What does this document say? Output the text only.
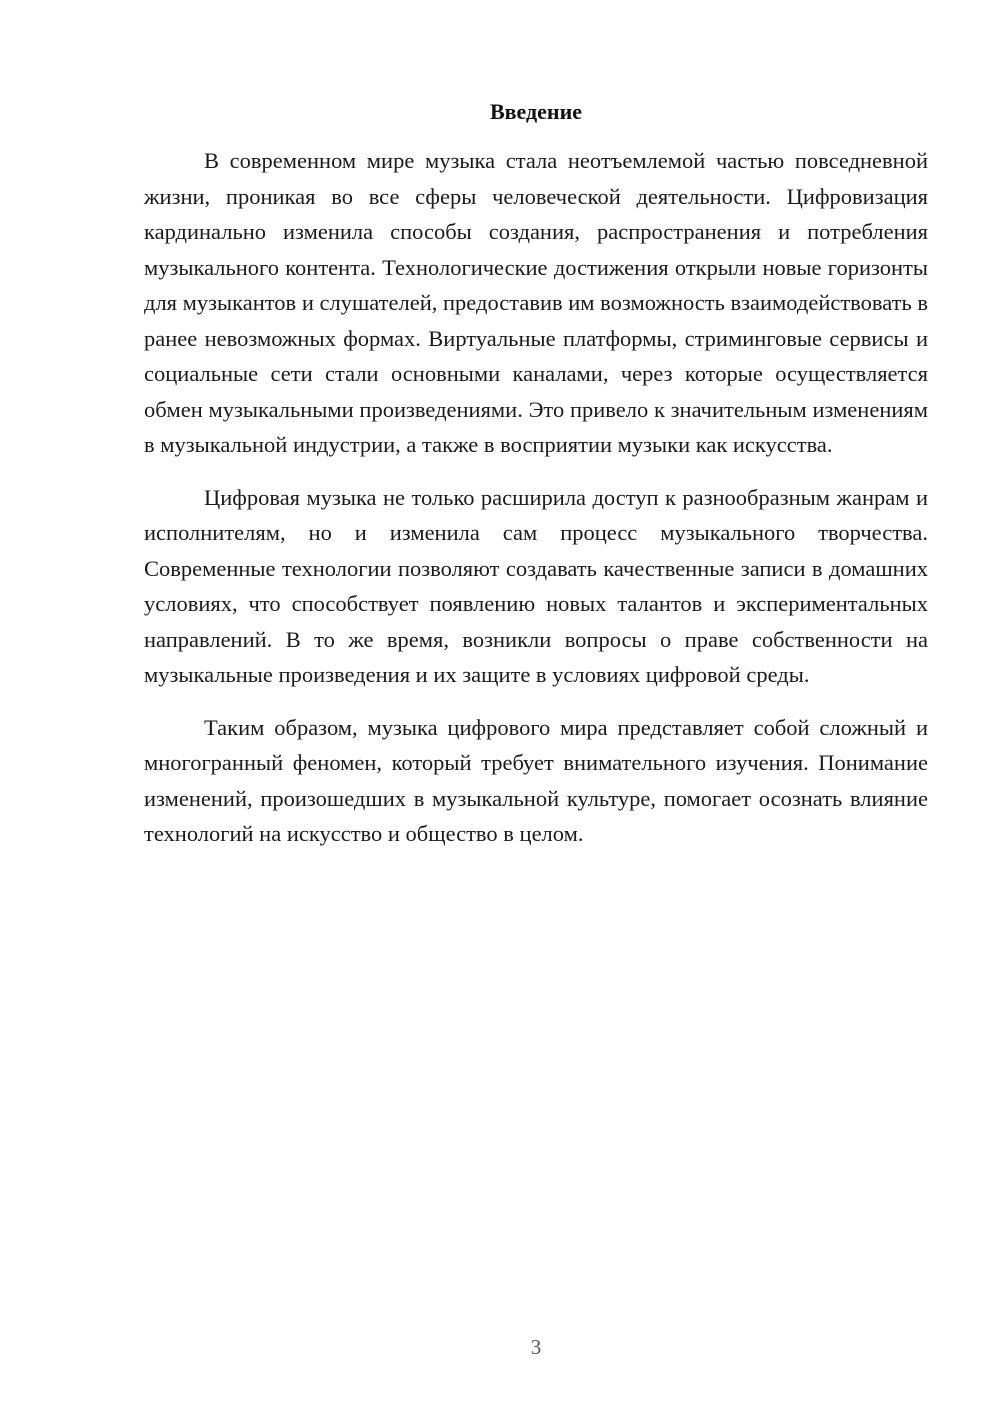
Введение

В современном мире музыка стала неотъемлемой частью повседневной жизни, проникая во все сферы человеческой деятельности. Цифровизация кардинально изменила способы создания, распространения и потребления музыкального контента. Технологические достижения открыли новые горизонты для музыкантов и слушателей, предоставив им возможность взаимодействовать в ранее невозможных формах. Виртуальные платформы, стриминговые сервисы и социальные сети стали основными каналами, через которые осуществляется обмен музыкальными произведениями. Это привело к значительным изменениям в музыкальной индустрии, а также в восприятии музыки как искусства.

Цифровая музыка не только расширила доступ к разнообразным жанрам и исполнителям, но и изменила сам процесс музыкального творчества. Современные технологии позволяют создавать качественные записи в домашних условиях, что способствует появлению новых талантов и экспериментальных направлений. В то же время, возникли вопросы о праве собственности на музыкальные произведения и их защите в условиях цифровой среды.

Таким образом, музыка цифрового мира представляет собой сложный и многогранный феномен, который требует внимательного изучения. Понимание изменений, произошедших в музыкальной культуре, помогает осознать влияние технологий на искусство и общество в целом.

3
